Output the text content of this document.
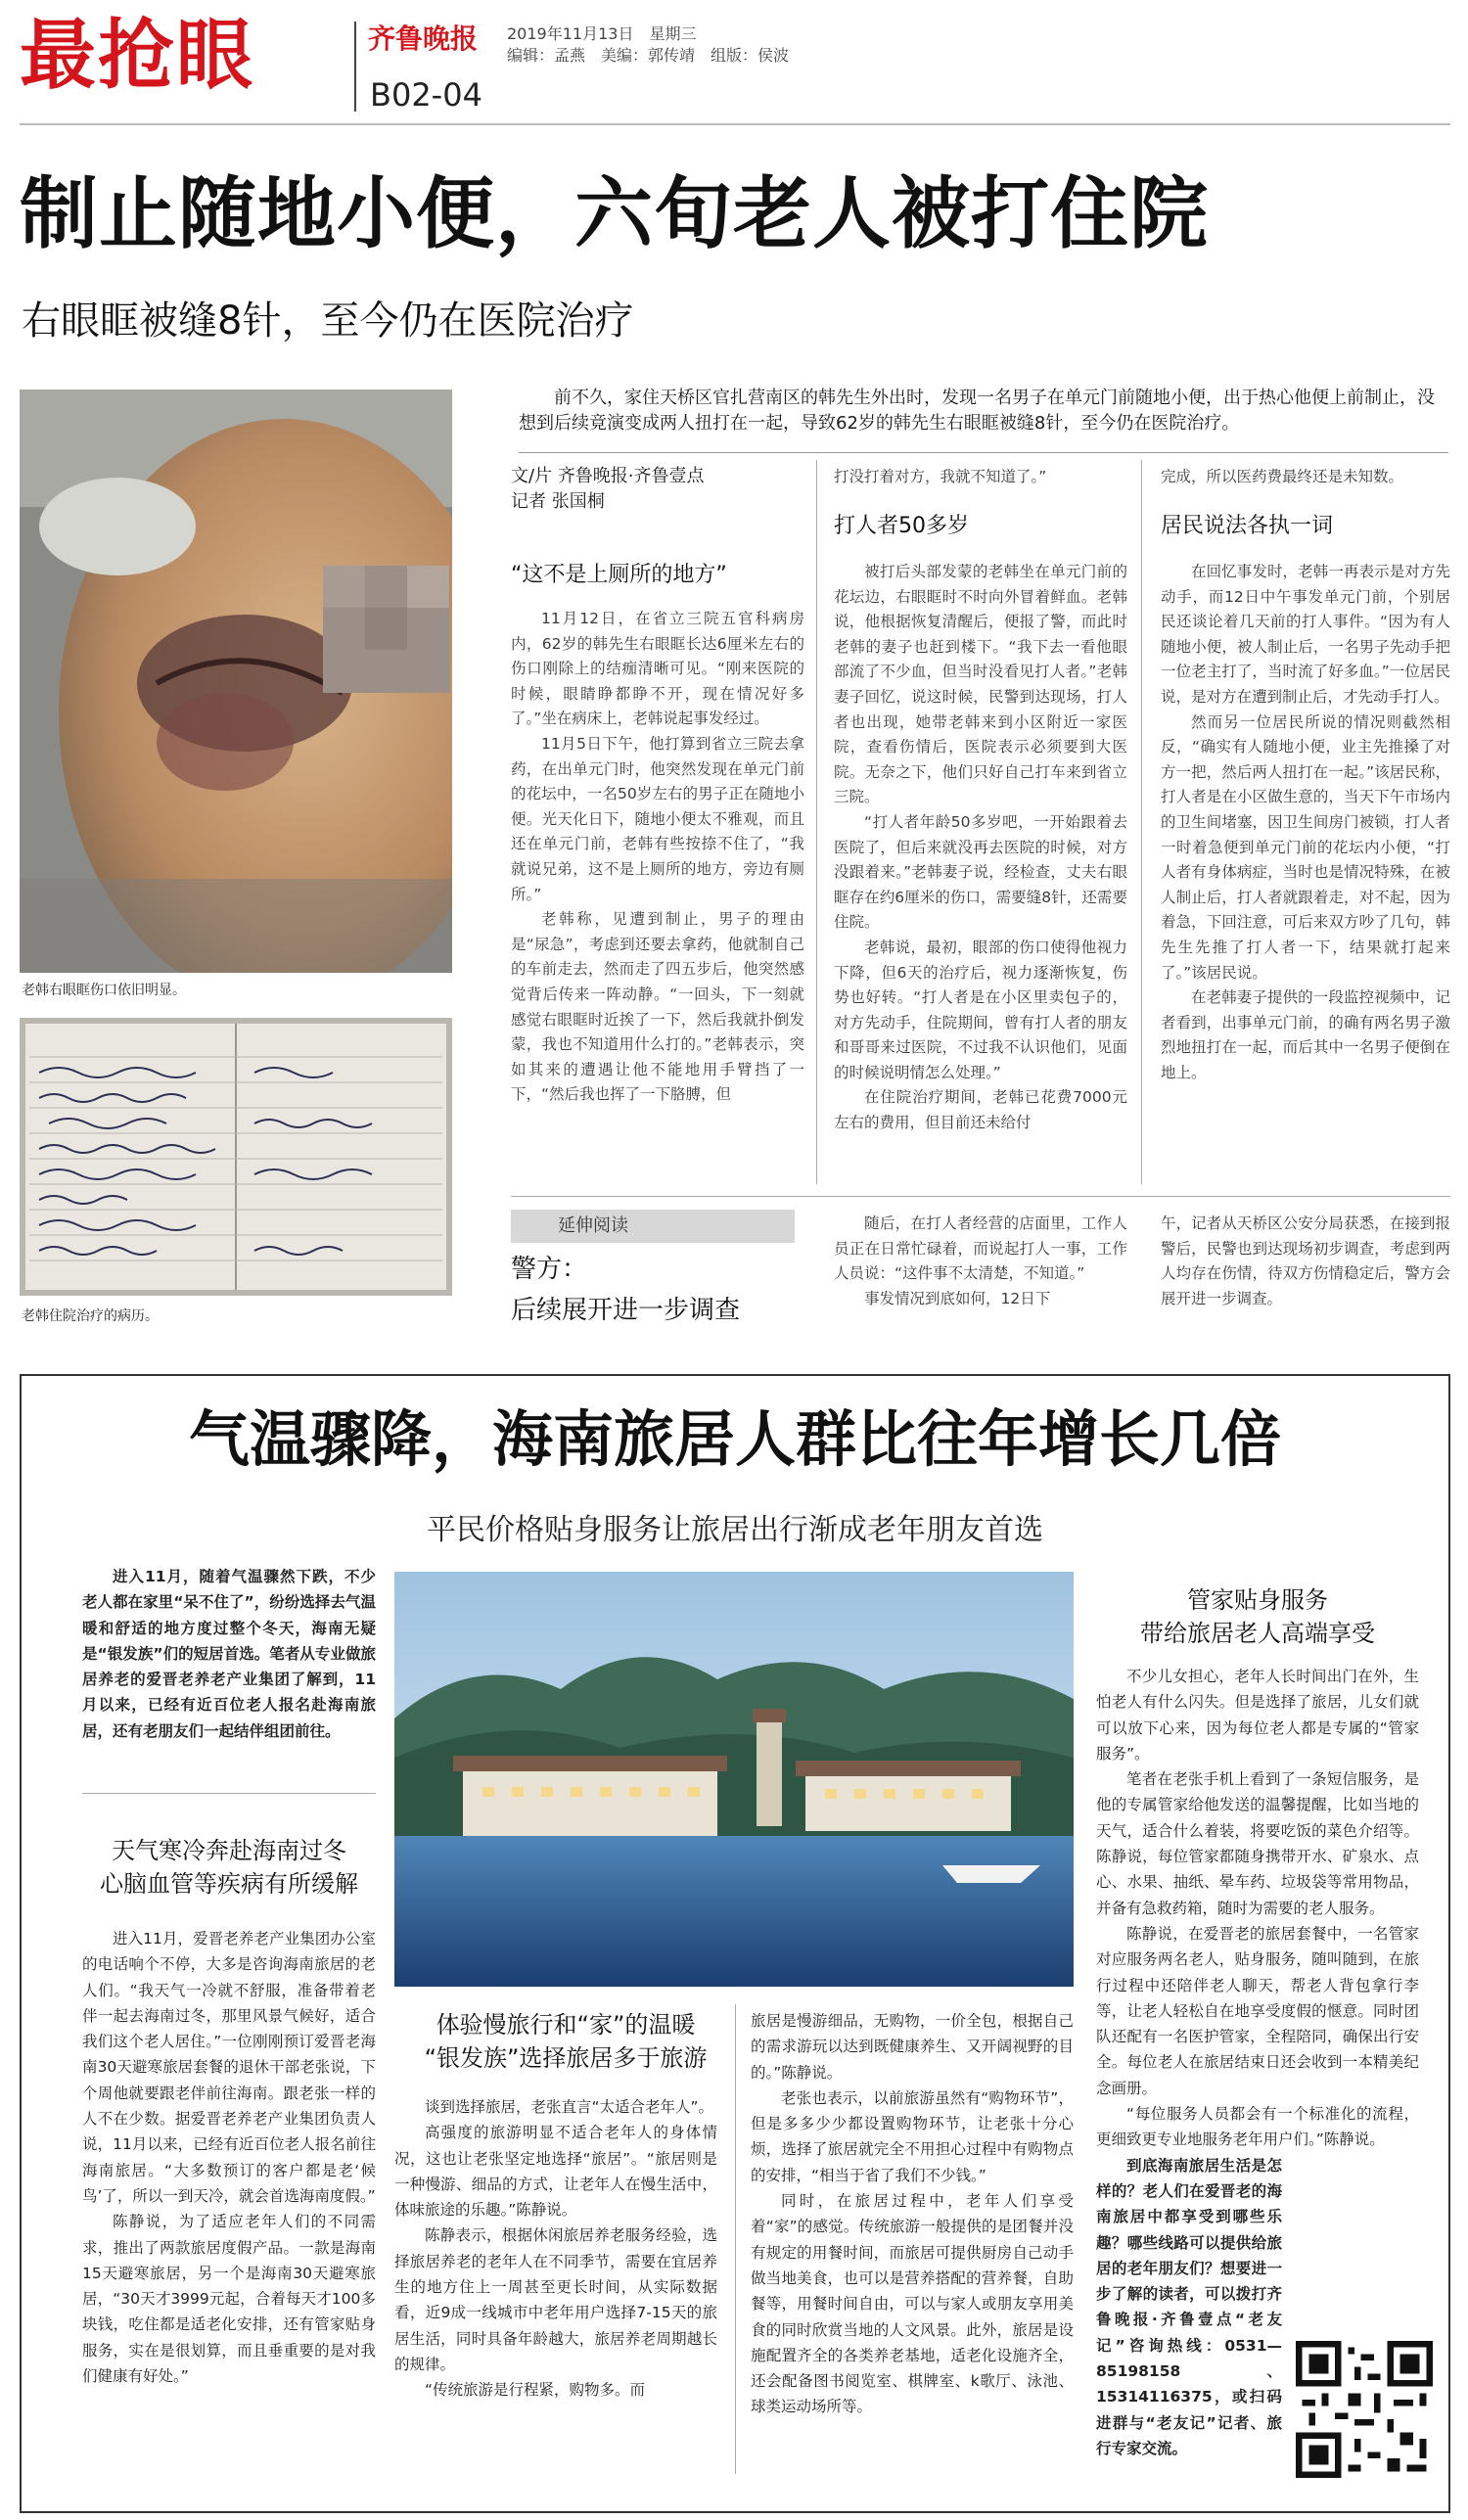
最抢眼	齐鲁晚报 2019年11月13日　星期三
编辑：孟燕　美编：郭传靖　组版：侯波
B02-04
制止随地小便，六旬老人被打住院
右眼眶被缝8针，至今仍在医院治疗
老韩右眼眶伤口依旧明显。
老韩住院治疗的病历。
前不久，家住天桥区官扎营南区的韩先生外出时，发现一名男子在单元门前随地小便，出于热心他便上前制止，没想到后续竟演变成两人扭打在一起，导致62岁的韩先生右眼眶被缝8针，至今仍在医院治疗。
文/片 齐鲁晚报·齐鲁壹点
记者 张国桐
“这不是上厕所的地方”

11月12日，在省立三院五官科病房内，62岁的韩先生右眼眶长达6厘米左右的伤口刚除上的结痂清晰可见。“刚来医院的时候，眼睛睁都睁不开，现在情况好多了。”坐在病床上，老韩说起事发经过。

11月5日下午，他打算到省立三院去拿药，在出单元门时，他突然发现在单元门前的花坛中，一名50岁左右的男子正在随地小便。光天化日下，随地小便太不雅观，而且还在单元门前，老韩有些按捺不住了，“我就说兄弟，这不是上厕所的地方，旁边有厕所。”

老韩称，见遭到制止，男子的理由是“尿急”，考虑到还要去拿药，他就制自己的车前走去，然而走了四五步后，他突然感觉背后传来一阵动静。“一回头，下一刻就感觉右眼眶时近挨了一下，然后我就扑倒发蒙，我也不知道用什么打的。”老韩表示，突如其来的遭遇让他不能地用手臂挡了一下，“然后我也挥了一下胳膊，但

打没打着对方，我就不知道了。”
打人者50多岁

被打后头部发蒙的老韩坐在单元门前的花坛边，右眼眶时不时向外冒着鲜血。老韩说，他根据恢复清醒后，便报了警，而此时老韩的妻子也赶到楼下。“我下去一看他眼部流了不少血，但当时没看见打人者。”老韩妻子回忆，说这时候，民警到达现场，打人者也出现，她带老韩来到小区附近一家医院，查看伤情后，医院表示必须要到大医院。无奈之下，他们只好自己打车来到省立三院。

“打人者年龄50多岁吧，一开始跟着去医院了，但后来就没再去医院的时候，对方没跟着来。”老韩妻子说，经检查，丈夫右眼眶存在约6厘米的伤口，需要缝8针，还需要住院。

老韩说，最初，眼部的伤口使得他视力下降，但6天的治疗后，视力逐渐恢复，伤势也好转。“打人者是在小区里卖包子的，对方先动手，住院期间，曾有打人者的朋友和哥哥来过医院，不过我不认识他们，见面的时候说明情怎么处理。”

在住院治疗期间，老韩已花费7000元左右的费用，但目前还未给付

完成，所以医药费最终还是未知数。
居民说法各执一词

在回忆事发时，老韩一再表示是对方先动手，而12日中午事发单元门前，个别居民还谈论着几天前的打人事件。“因为有人随地小便，被人制止后，一名男子先动手把一位老主打了，当时流了好多血。”一位居民说，是对方在遭到制止后，才先动手打人。

然而另一位居民所说的情况则截然相反，“确实有人随地小便，业主先推搡了对方一把，然后两人扭打在一起。”该居民称，打人者是在小区做生意的，当天下午市场内的卫生间堵塞，因卫生间房门被锁，打人者一时着急便到单元门前的花坛内小便，“打人者有身体病症，当时也是情况特殊，在被人制止后，打人者就跟着走，对不起，因为着急，下回注意，可后来双方吵了几句，韩先生先推了打人者一下，结果就打起来了。”该居民说。

在老韩妻子提供的一段监控视频中，记者看到，出事单元门前，的确有两名男子激烈地扭打在一起，而后其中一名男子便倒在地上。

延伸阅读
警方：
后续展开进一步调查

随后，在打人者经营的店面里，工作人员正在日常忙碌着，而说起打人一事，工作人员说：“这件事不太清楚，不知道。”

事发情况到底如何，12日下

午，记者从天桥区公安分局获悉，在接到报警后，民警也到达现场初步调查，考虑到两人均存在伤情，待双方伤情稳定后，警方会展开进一步调查。

气温骤降，海南旅居人群比往年增长几倍
平民价格贴身服务让旅居出行渐成老年朋友首选

进入11月，随着气温骤然下跌，不少老人都在家里“呆不住了”，纷纷选择去气温暖和舒适的地方度过整个冬天，海南无疑是“银发族”们的短居首选。笔者从专业做旅居养老的爱晋老养老产业集团了解到，11月以来，已经有近百位老人报名赴海南旅居，还有老朋友们一起结伴组团前往。

天气寒冷奔赴海南过冬
心脑血管等疾病有所缓解

进入11月，爱晋老养老产业集团办公室的电话响个不停，大多是咨询海南旅居的老人们。“我天气一冷就不舒服，准备带着老伴一起去海南过冬，那里风景气候好，适合我们这个老人居住。”一位刚刚预订爱晋老海南30天避寒旅居套餐的退休干部老张说，下个周他就要跟老伴前往海南。跟老张一样的人不在少数。据爱晋老养老产业集团负责人说，11月以来，已经有近百位老人报名前往海南旅居。“大多数预订的客户都是老‘候鸟’了，所以一到天冷，就会首选海南度假。”

陈静说，为了适应老年人们的不同需求，推出了两款旅居度假产品。一款是海南15天避寒旅居，另一个是海南30天避寒旅居，“30天才3999元起，合着每天才100多块钱，吃住都是适老化安排，还有管家贴身服务，实在是很划算，而且垂重要的是对我们健康有好处。”

体验慢旅行和“家”的温暖
“银发族”选择旅居多于旅游

谈到选择旅居，老张直言“太适合老年人”。

高强度的旅游明显不适合老年人的身体情况，这也让老张坚定地选择“旅居”。“旅居则是一种慢游、细品的方式，让老年人在慢生活中，体味旅途的乐趣。”陈静说。

陈静表示，根据休闲旅居养老服务经验，选择旅居养老的老年人在不同季节，需要在宜居养生的地方住上一周甚至更长时间，从实际数据看，近9成一线城市中老年用户选择7-15天的旅居生活，同时具备年龄越大，旅居养老周期越长的规律。

“传统旅游是行程紧，购物多。而

旅居是慢游细品，无购物，一价全包，根据自己的需求游玩以达到既健康养生、又开阔视野的目的。”陈静说。

老张也表示，以前旅游虽然有“购物环节”，但是多多少少都设置购物环节，让老张十分心烦，选择了旅居就完全不用担心过程中有购物点的安排，“相当于省了我们不少钱。”

同时，在旅居过程中，老年人们享受着“家”的感觉。传统旅游一般提供的是团餐并没有规定的用餐时间，而旅居可提供厨房自己动手做当地美食，也可以是营养搭配的营养餐，自助餐等，用餐时间自由，可以与家人或朋友享用美食的同时欣赏当地的人文风景。此外，旅居是设施配置齐全的各类养老基地，适老化设施齐全，还会配备图书阅览室、棋牌室、k歌厅、泳池、球类运动场所等。

管家贴身服务
带给旅居老人高端享受

不少儿女担心，老年人长时间出门在外，生怕老人有什么闪失。但是选择了旅居，儿女们就可以放下心来，因为每位老人都是专属的“管家服务”。

笔者在老张手机上看到了一条短信服务，是他的专属管家给他发送的温馨提醒，比如当地的天气，适合什么着装，将要吃饭的菜色介绍等。陈静说，每位管家都随身携带开水、矿泉水、点心、水果、抽纸、晕车药、垃圾袋等常用物品，并备有急救药箱，随时为需要的老人服务。

陈静说，在爱晋老的旅居套餐中，一名管家对应服务两名老人，贴身服务，随叫随到，在旅行过程中还陪伴老人聊天，帮老人背包拿行李等，让老人轻松自在地享受度假的惬意。同时团队还配有一名医护管家，全程陪同，确保出行安全。每位老人在旅居结束日还会收到一本精美纪念画册。

“每位服务人员都会有一个标准化的流程，更细致更专业地服务老年用户们。”陈静说。

到底海南旅居生活是怎样的？老人们在爱晋老的海南旅居中都享受到哪些乐趣？哪些线路可以提供给旅居的老年朋友们？想要进一步了解的读者，可以拨打齐鲁晚报·齐鲁壹点“老友记”咨询热线：0531—85198158、15314116375，或扫码进群与“老友记”记者、旅行专家交流。
